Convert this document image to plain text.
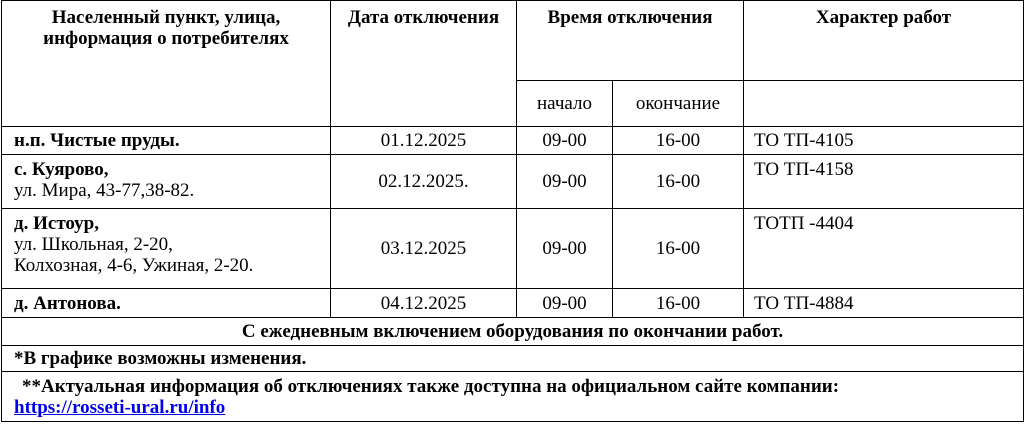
Населенный пункт, улица, информация о потребителях	Дата отключения	Время отключения		Характер работ
		начало	окончание	
н.п. Чистые пруды.	01.12.2025	09-00	16-00	ТО ТП-4105
с. Куярово,
ул. Мира, 43-77,38-82.	02.12.2025.	09-00	16-00	ТО ТП-4158
д. Истоур,
ул. Школьная, 2-20,
Колхозная, 4-6, Ужиная, 2-20.	03.12.2025	09-00	16-00	ТОТП -4404
д. Антонова.	04.12.2025	09-00	16-00	ТО ТП-4884
С ежедневным включением оборудования по окончании работ.				
*В графике возможны изменения.				

**Актуальная информация об отключениях также доступна на официальном сайте компании:
https://rosseti-ural.ru/info				
